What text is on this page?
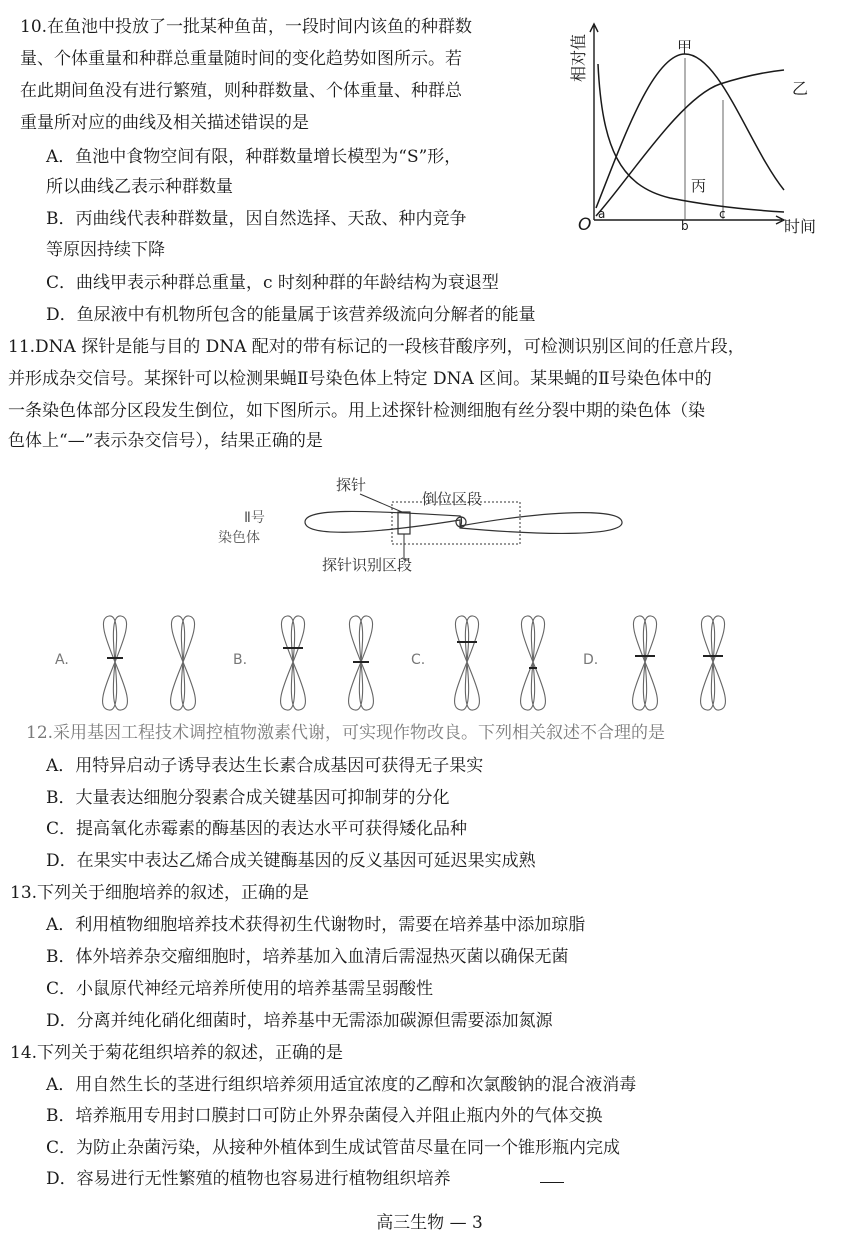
10.在鱼池中投放了一批某种鱼苗，一段时间内该鱼的种群数
量、个体重量和种群总重量随时间的变化趋势如图所示。若
在此期间鱼没有进行繁殖，则种群数量、个体重量、种群总
重量所对应的曲线及相关描述错误的是
A．鱼池中食物空间有限，种群数量增长模型为“S”形，
所以曲线乙表示种群数量
B．丙曲线代表种群数量，因自然选择、天敌、种内竞争
等原因持续下降
C．曲线甲表示种群总重量，c 时刻种群的年龄结构为衰退型
D．鱼尿液中有机物所包含的能量属于该营养级流向分解者的能量
相对值
时间
O
甲
乙
丙
a
b
c
11.DNA 探针是能与目的 DNA 配对的带有标记的一段核苷酸序列，可检测识别区间的任意片段，
并形成杂交信号。某探针可以检测果蝇Ⅱ号染色体上特定 DNA 区间。某果蝇的Ⅱ号染色体中的
一条染色体部分区段发生倒位，如下图所示。用上述探针检测细胞有丝分裂中期的染色体（染
色体上“—”表示杂交信号），结果正确的是
探针
倒位区段
Ⅱ号
染色体
探针识别区段
A.	B.	C.	D.
12.采用基因工程技术调控植物激素代谢，可实现作物改良。下列相关叙述不合理的是
A．用特异启动子诱导表达生长素合成基因可获得无子果实
B．大量表达细胞分裂素合成关键基因可抑制芽的分化
C．提高氧化赤霉素的酶基因的表达水平可获得矮化品种
D．在果实中表达乙烯合成关键酶基因的反义基因可延迟果实成熟
13.下列关于细胞培养的叙述，正确的是
A．利用植物细胞培养技术获得初生代谢物时，需要在培养基中添加琼脂
B．体外培养杂交瘤细胞时，培养基加入血清后需湿热灭菌以确保无菌
C．小鼠原代神经元培养所使用的培养基需呈弱酸性
D．分离并纯化硝化细菌时，培养基中无需添加碳源但需要添加氮源
14.下列关于菊花组织培养的叙述，正确的是
A．用自然生长的茎进行组织培养须用适宜浓度的乙醇和次氯酸钠的混合液消毒
B．培养瓶用专用封口膜封口可防止外界杂菌侵入并阻止瓶内外的气体交换
C．为防止杂菌污染，从接种外植体到生成试管苗尽量在同一个锥形瓶内完成
D．容易进行无性繁殖的植物也容易进行植物组织培养
高三生物 — 3
